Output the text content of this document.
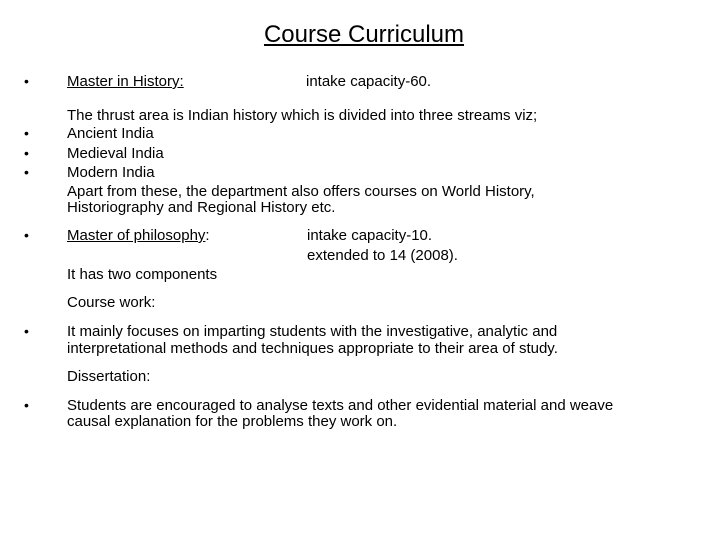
Course Curriculum
•	Master in History:	intake capacity-60.
The thrust area is Indian history which is divided into three streams viz;
•	Ancient India
•	Medieval India
•	Modern India
Apart from these, the department also offers courses on World History,
Historiography and Regional History etc.
•	Master of philosophy:	intake capacity-10.
extended to 14 (2008).
It has two components
Course work:
•	It mainly focuses on imparting students with the investigative, analytic and
interpretational methods and techniques appropriate to their area of study.
Dissertation:
•	Students are encouraged to analyse texts and other evidential material and weave
causal explanation for the problems they work on.
